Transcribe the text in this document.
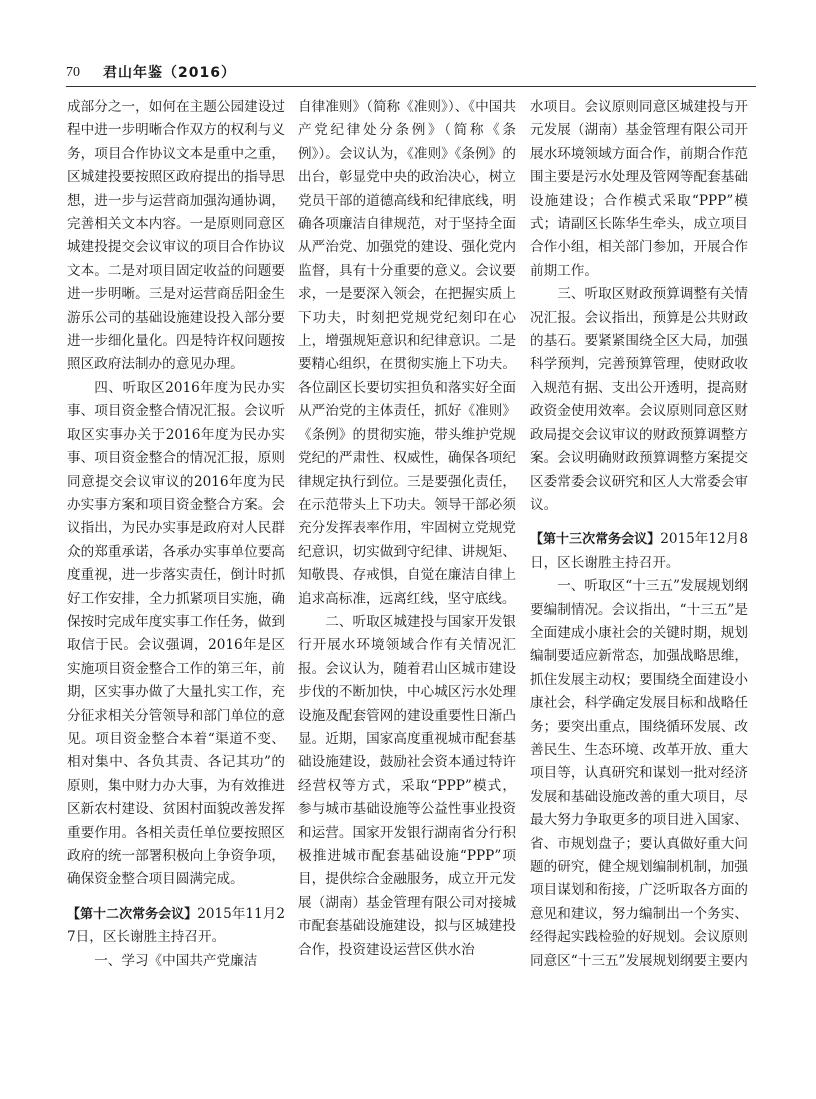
70 君山年鉴（2016）

成部分之一，如何在主题公园建设过程中进一步明晰合作双方的权利与义务，项目合作协议文本是重中之重，区城建投要按照区政府提出的指导思想，进一步与运营商加强沟通协调，完善相关文本内容。一是原则同意区城建投提交会议审议的项目合作协议文本。二是对项目固定收益的问题要进一步明晰。三是对运营商岳阳金生游乐公司的基础设施建设投入部分要进一步细化量化。四是特许权问题按照区政府法制办的意见办理。

四、听取区2016年度为民办实事、项目资金整合情况汇报。会议听取区实事办关于2016年度为民办实事、项目资金整合的情况汇报，原则同意提交会议审议的2016年度为民办实事方案和项目资金整合方案。会议指出，为民办实事是政府对人民群众的郑重承诺，各承办实事单位要高度重视，进一步落实责任，倒计时抓好工作安排，全力抓紧项目实施，确保按时完成年度实事工作任务，做到取信于民。会议强调，2016年是区实施项目资金整合工作的第三年，前期，区实事办做了大量扎实工作，充分征求相关分管领导和部门单位的意见。项目资金整合本着“渠道不变、相对集中、各负其责、各记其功”的原则，集中财力办大事，为有效推进区新农村建设、贫困村面貌改善发挥重要作用。各相关责任单位要按照区政府的统一部署积极向上争资争项，确保资金整合项目圆满完成。

【第十二次常务会议】2015年11月27日，区长谢胜主持召开。

一、学习《中国共产党廉洁

自律准则》（简称《准则》）、《中国共产党纪律处分条例》（简称《条例》）。会议认为，《准则》《条例》的出台，彰显党中央的政治决心，树立党员干部的道德高线和纪律底线，明确各项廉洁自律规范，对于坚持全面从严治党、加强党的建设、强化党内监督，具有十分重要的意义。会议要求，一是要深入领会，在把握实质上下功夫，时刻把党规党纪刻印在心上，增强规矩意识和纪律意识。二是要精心组织，在贯彻实施上下功夫。各位副区长要切实担负和落实好全面从严治党的主体责任，抓好《准则》《条例》的贯彻实施，带头维护党规党纪的严肃性、权威性，确保各项纪律规定执行到位。三是要强化责任，在示范带头上下功夫。领导干部必须充分发挥表率作用，牢固树立党规党纪意识，切实做到守纪律、讲规矩、知敬畏、存戒惧，自觉在廉洁自律上追求高标准，远离红线，坚守底线。

二、听取区城建投与国家开发银行开展水环境领域合作有关情况汇报。会议认为，随着君山区城市建设步伐的不断加快，中心城区污水处理设施及配套管网的建设重要性日渐凸显。近期，国家高度重视城市配套基础设施建设，鼓励社会资本通过特许经营权等方式，采取“PPP”模式，参与城市基础设施等公益性事业投资和运营。国家开发银行湖南省分行积极推进城市配套基础设施“PPP”项目，提供综合金融服务，成立开元发展（湖南）基金管理有限公司对接城市配套基础设施建设，拟与区城建投合作，投资建设运营区供水治

水项目。会议原则同意区城建投与开元发展（湖南）基金管理有限公司开展水环境领域方面合作，前期合作范围主要是污水处理及管网等配套基础设施建设；合作模式采取“PPP”模式；请副区长陈华生牵头，成立项目合作小组，相关部门参加，开展合作前期工作。

三、听取区财政预算调整有关情况汇报。会议指出，预算是公共财政的基石。要紧紧围绕全区大局，加强科学预判，完善预算管理，使财政收入规范有据、支出公开透明，提高财政资金使用效率。会议原则同意区财政局提交会议审议的财政预算调整方案。会议明确财政预算调整方案提交区委常委会议研究和区人大常委会审议。

【第十三次常务会议】2015年12月8日，区长谢胜主持召开。

一、听取区“十三五”发展规划纲要编制情况。会议指出，“十三五”是全面建成小康社会的关键时期，规划编制要适应新常态，加强战略思维，抓住发展主动权；要围绕全面建设小康社会，科学确定发展目标和战略任务；要突出重点，围绕循环发展、改善民生、生态环境、改革开放、重大项目等，认真研究和谋划一批对经济发展和基础设施改善的重大项目，尽最大努力争取更多的项目进入国家、省、市规划盘子；要认真做好重大问题的研究，健全规划编制机制，加强项目谋划和衔接，广泛听取各方面的意见和建议，努力编制出一个务实、经得起实践检验的好规划。会议原则同意区“十三五”发展规划纲要主要内
